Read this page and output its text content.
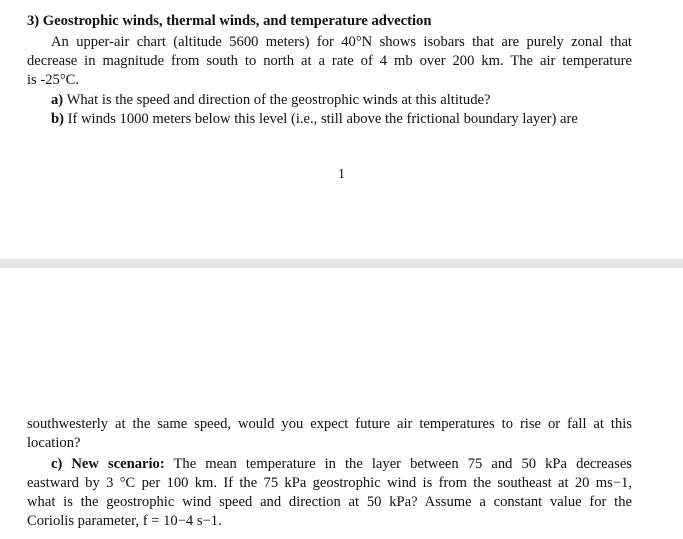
3) Geostrophic winds, thermal winds, and temperature advection
An upper-air chart (altitude 5600 meters) for 40°N shows isobars that are purely zonal that
decrease in magnitude from south to north at a rate of 4 mb over 200 km. The air temperature
is -25°C.
a) What is the speed and direction of the geostrophic winds at this altitude?
b) If winds 1000 meters below this level (i.e., still above the frictional boundary layer) are
1
southwesterly at the same speed, would you expect future air temperatures to rise or fall at this
location?
c) New scenario: The mean temperature in the layer between 75 and 50 kPa decreases
eastward by 3 °C per 100 km. If the 75 kPa geostrophic wind is from the southeast at 20 ms−1,
what is the geostrophic wind speed and direction at 50 kPa? Assume a constant value for the
Coriolis parameter, f = 10−4 s−1.
